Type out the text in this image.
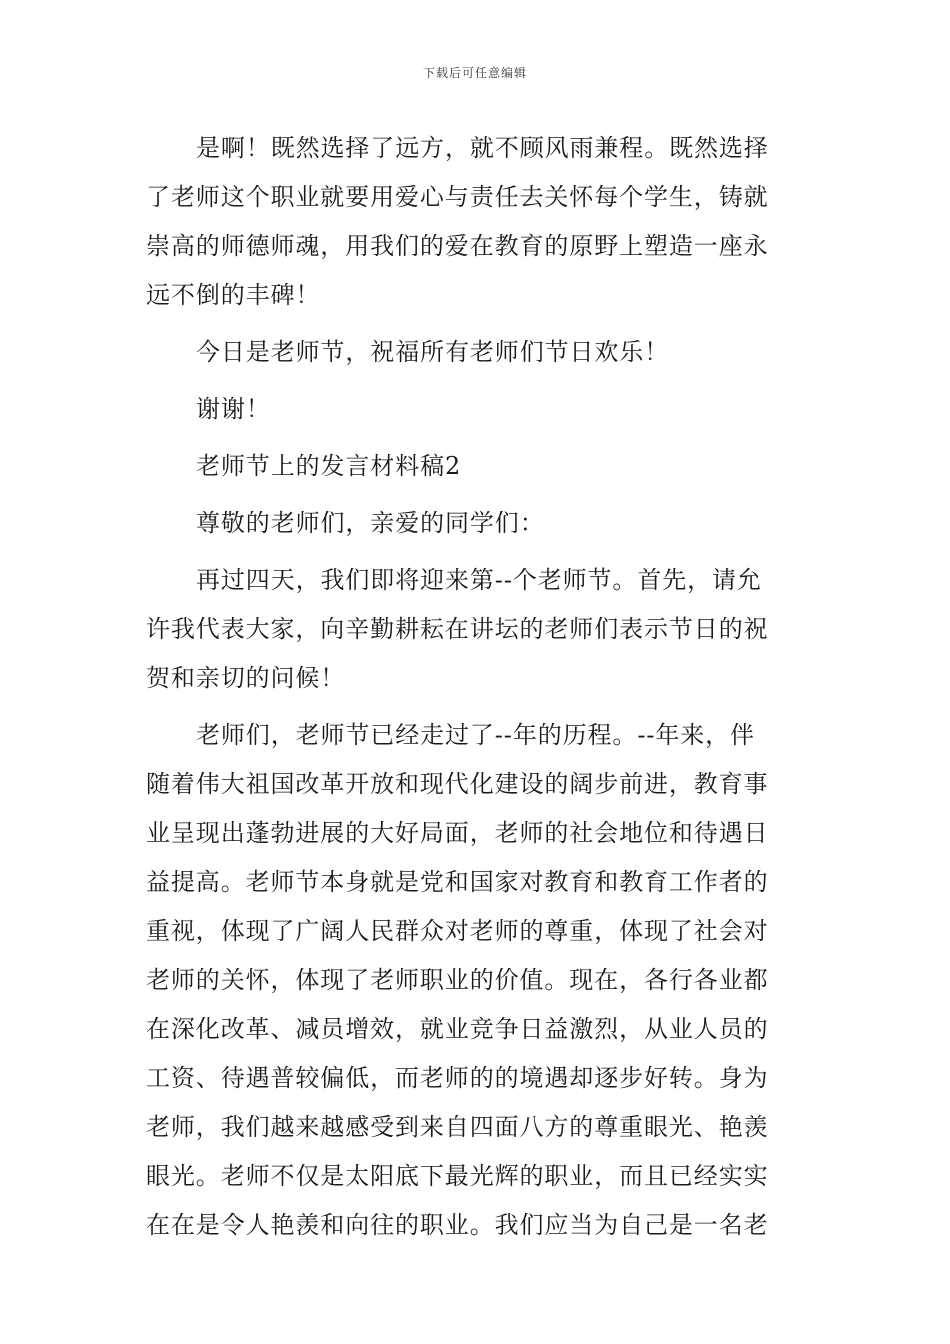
下载后可任意编辑
是啊！既然选择了远方，就不顾风雨兼程。既然选择
了老师这个职业就要用爱心与责任去关怀每个学生，铸就
崇高的师德师魂，用我们的爱在教育的原野上塑造一座永
远不倒的丰碑！
今日是老师节，祝福所有老师们节日欢乐！
谢谢！
老师节上的发言材料稿2
尊敬的老师们，亲爱的同学们：
再过四天，我们即将迎来第--个老师节。首先，请允
许我代表大家，向辛勤耕耘在讲坛的老师们表示节日的祝
贺和亲切的问候！
老师们，老师节已经走过了--年的历程。--年来，伴
随着伟大祖国改革开放和现代化建设的阔步前进，教育事
业呈现出蓬勃进展的大好局面，老师的社会地位和待遇日
益提高。老师节本身就是党和国家对教育和教育工作者的
重视，体现了广阔人民群众对老师的尊重，体现了社会对
老师的关怀，体现了老师职业的价值。现在，各行各业都
在深化改革、减员增效，就业竞争日益激烈，从业人员的
工资、待遇普较偏低，而老师的的境遇却逐步好转。身为
老师，我们越来越感受到来自四面八方的尊重眼光、艳羡
眼光。老师不仅是太阳底下最光辉的职业，而且已经实实
在在是令人艳羡和向往的职业。我们应当为自己是一名老
